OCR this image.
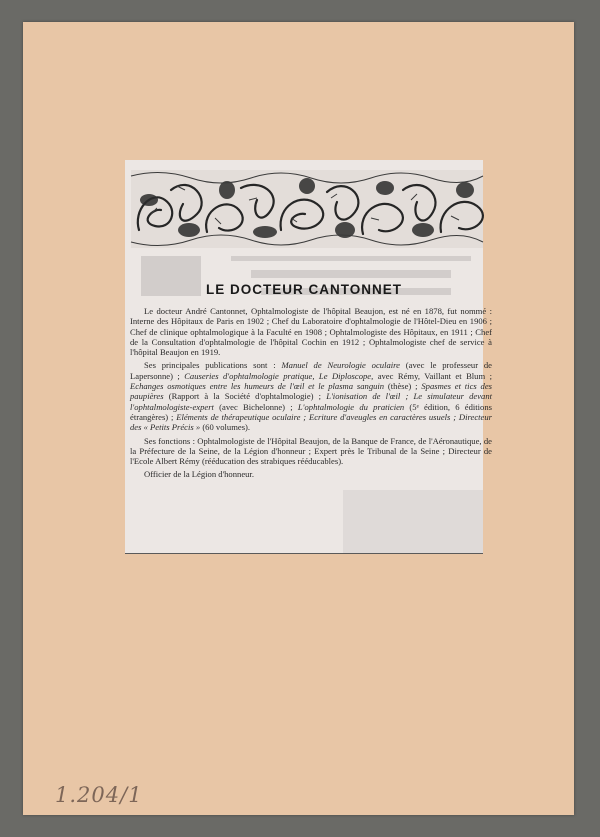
LE DOCTEUR CANTONNET

Le docteur André Cantonnet, Ophtalmologiste de l'hôpital Beaujon, est né en 1878, fut nommé : Interne des Hôpitaux de Paris en 1902 ; Chef du Laboratoire d'ophtalmologie de l'Hôtel-Dieu en 1906 ; Chef de clinique ophtalmologique à la Faculté en 1908 ; Ophtalmologiste des Hôpitaux, en 1911 ; Chef de la Consultation d'ophtalmologie de l'hôpital Cochin en 1912 ; Ophtalmologiste chef de service à l'hôpital Beaujon en 1919.

Ses principales publications sont : Manuel de Neurologie oculaire (avec le professeur de Lapersonne) ; Causeries d'ophtalmologie pratique, Le Diploscope, avec Rémy, Vaillant et Blum ; Echanges osmotiques entre les humeurs de l'œil et le plasma sanguin (thèse) ; Spasmes et tics des paupières (Rapport à la Société d'ophtalmologie) ; L'ionisation de l'œil ; Le simulateur devant l'ophtalmologiste-expert (avec Bichelonne) ; L'ophtalmologie du praticien (5ᵉ édition, 6 éditions étrangères) ; Eléments de thérapeutique oculaire ; Ecriture d'aveugles en caractères usuels ; Directeur des « Petits Précis » (60 volumes).

Ses fonctions : Ophtalmologiste de l'Hôpital Beaujon, de la Banque de France, de l'Aéronautique, de la Préfecture de la Seine, de la Légion d'honneur ; Expert près le Tribunal de la Seine ; Directeur de l'Ecole Albert Rémy (rééducation des strabiques rééducables).

Officier de la Légion d'honneur.

1.204/1
